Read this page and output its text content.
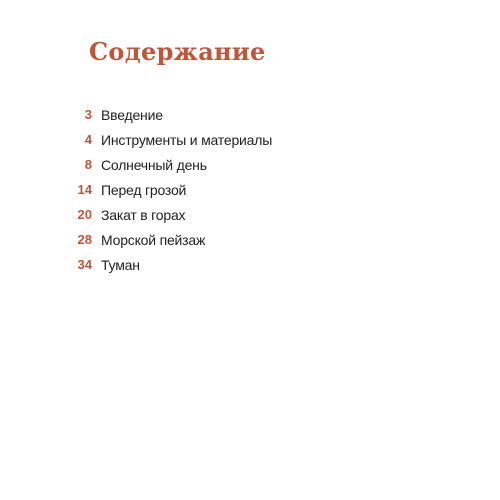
Содержание
3 Введение
4 Инструменты и материалы
8 Солнечный день
14 Перед грозой
20 Закат в горах
28 Морской пейзаж
34 Туман
